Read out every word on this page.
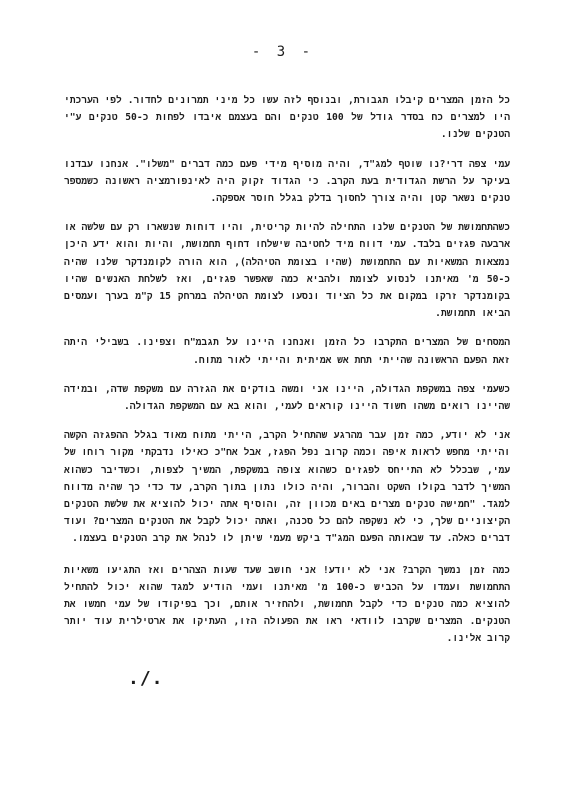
- 3 -

כל הזמן המצרים קיבלו תגבורת, ובנוסף לזה עשו כל מיני תמרונים לחדור. לפי הערכתי היו למצרים כח בסדר גודל של 100 טנקים והם בעצמם איבדו לפחות כ-50 טנקים ע"י הטנקים שלנו.

עמי צפה דרי?נו שוטף למג"ד, והיה מוסיף מידי פעם כמה דברים "משלו". אנחנו עבדנו בעיקר על הרשת הגדודית בעת הקרב. כי הגדוד זקוק היה לאינפורמציה ראשונה כשמספר טנקים נשאר קטן והיה צורך לחסוך בדלק בגלל חוסר אספקה.

כשהתחמושת של הטנקים שלנו התחילה להיות קריטית, והיו דוחות שנשארו רק עם שלשה או ארבעה פגזים בלבד. עמי דווח מיד לחטיבה שישלחו דחוף תחמושת, והיות והוא ידע היכן נמצאות המשאיות עם התחמושת (שהיו בצומת הטיהלה), הוא הורה לקומנדקר שלנו שהיה כ-50 מ' מאיתנו לנסוע לצומת ולהביא כמה שאפשר פגזים, ואז לשלחת האנשים שהיו בקומנדקר זרקו במקום את כל הציוד ונסעו לצומת הטיהלה במרחק 15 ק"מ בערך ועמסים הביאו תחמושת.

המסחים של המצרים התקרבו כל הזמן ואנחנו היינו על תגבמ"ח וצפינו. בשבילי היתה זאת הפעם הראשונה שהייתי תחת אש אמיתית והייתי לאור מתוח.

כשעמי צפה במשקפת הגדולה, היינו אני ומשה בודקים את הגזרה עם משקפת שדה, ובמידה שהיינו רואים משהו חשוד היינו קוראים לעמי, והוא בא עם המשקפת הגדולה.

אני לא יודע, כמה זמן עבר מהרגע שהתחיל הקרב, הייתי מתוח מאוד בגלל ההפגזה הקשה והייתי מחפש לראות איפה וכמה קרוב נפל הפגז, אבל אח"כ כאילו נדבקתי מקור רוחו של עמי, שבכלל לא התייחס לפגזים כשהוא צופה במשקפת, המשיך לצפות, וכשדיבר כשהוא המשיך לדבר בקולו השקט והברור, והיה כולו נתון בתוך הקרב, עד כדי כך שהיה מדווח למגד. "חמישה טנקים מצרים באים מכוון זה, והוסיף אתה יכול להוציא את שלשת הטנקים הקיצוניים שלך, כי לא נשקפה להם כל סכנה, ואתה יכול לקבל את הטנקים המצרים? ועוד דברים כאלה. עד שבאותה הפעם המג"ד ביקש מעמי שיתן לו לנהל את קרב הטנקים בעצמו.

כמה זמן נמשך הקרב? אני לא יודע! אני חושב שעד שעות הצהרים ואז התגיעו משאיות התחמושת ועמדו על הכביש כ-100 מ' מאיתנו ועמי הודיע למגד שהוא יכול להתחיל להוציא כמה טנקים כדי לקבל תחמושת, ולהחזיר אותם, וכך בפיקודו של עמי חמשו את הטנקים. המצרים שקרבו לוודאי ראו את הפעולה הזו, העתיקו את ארטילרית עוד יותר קרוב אלינו.

./.
